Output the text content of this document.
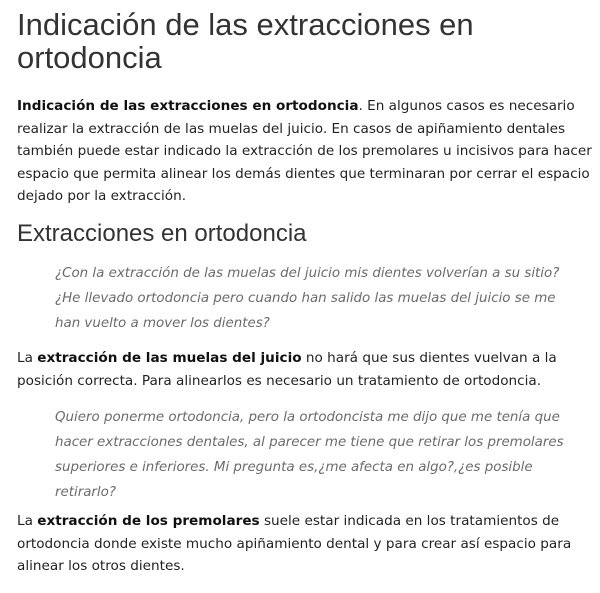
Indicación de las extracciones en ortodoncia

Indicación de las extracciones en ortodoncia. En algunos casos es necesario
realizar la extracción de las muelas del juicio. En casos de apiñamiento dentales
también puede estar indicado la extracción de los premolares u incisivos para hacer
espacio que permita alinear los demás dientes que terminaran por cerrar el espacio
dejado por la extracción.

Extracciones en ortodoncia
¿Con la extracción de las muelas del juicio mis dientes volverían a su sitio?
¿He llevado ortodoncia pero cuando han salido las muelas del juicio se me
han vuelto a mover los dientes?

La extracción de las muelas del juicio no hará que sus dientes vuelvan a la
posición correcta. Para alinearlos es necesario un tratamiento de ortodoncia.

Quiero ponerme ortodoncia, pero la ortodoncista me dijo que me tenía que
hacer extracciones dentales, al parecer me tiene que retirar los premolares
superiores e inferiores. Mi pregunta es,¿me afecta en algo?,¿es posible
retirarlo?

La extracción de los premolares suele estar indicada en los tratamientos de
ortodoncia donde existe mucho apiñamiento dental y para crear así espacio para
alinear los otros dientes.
